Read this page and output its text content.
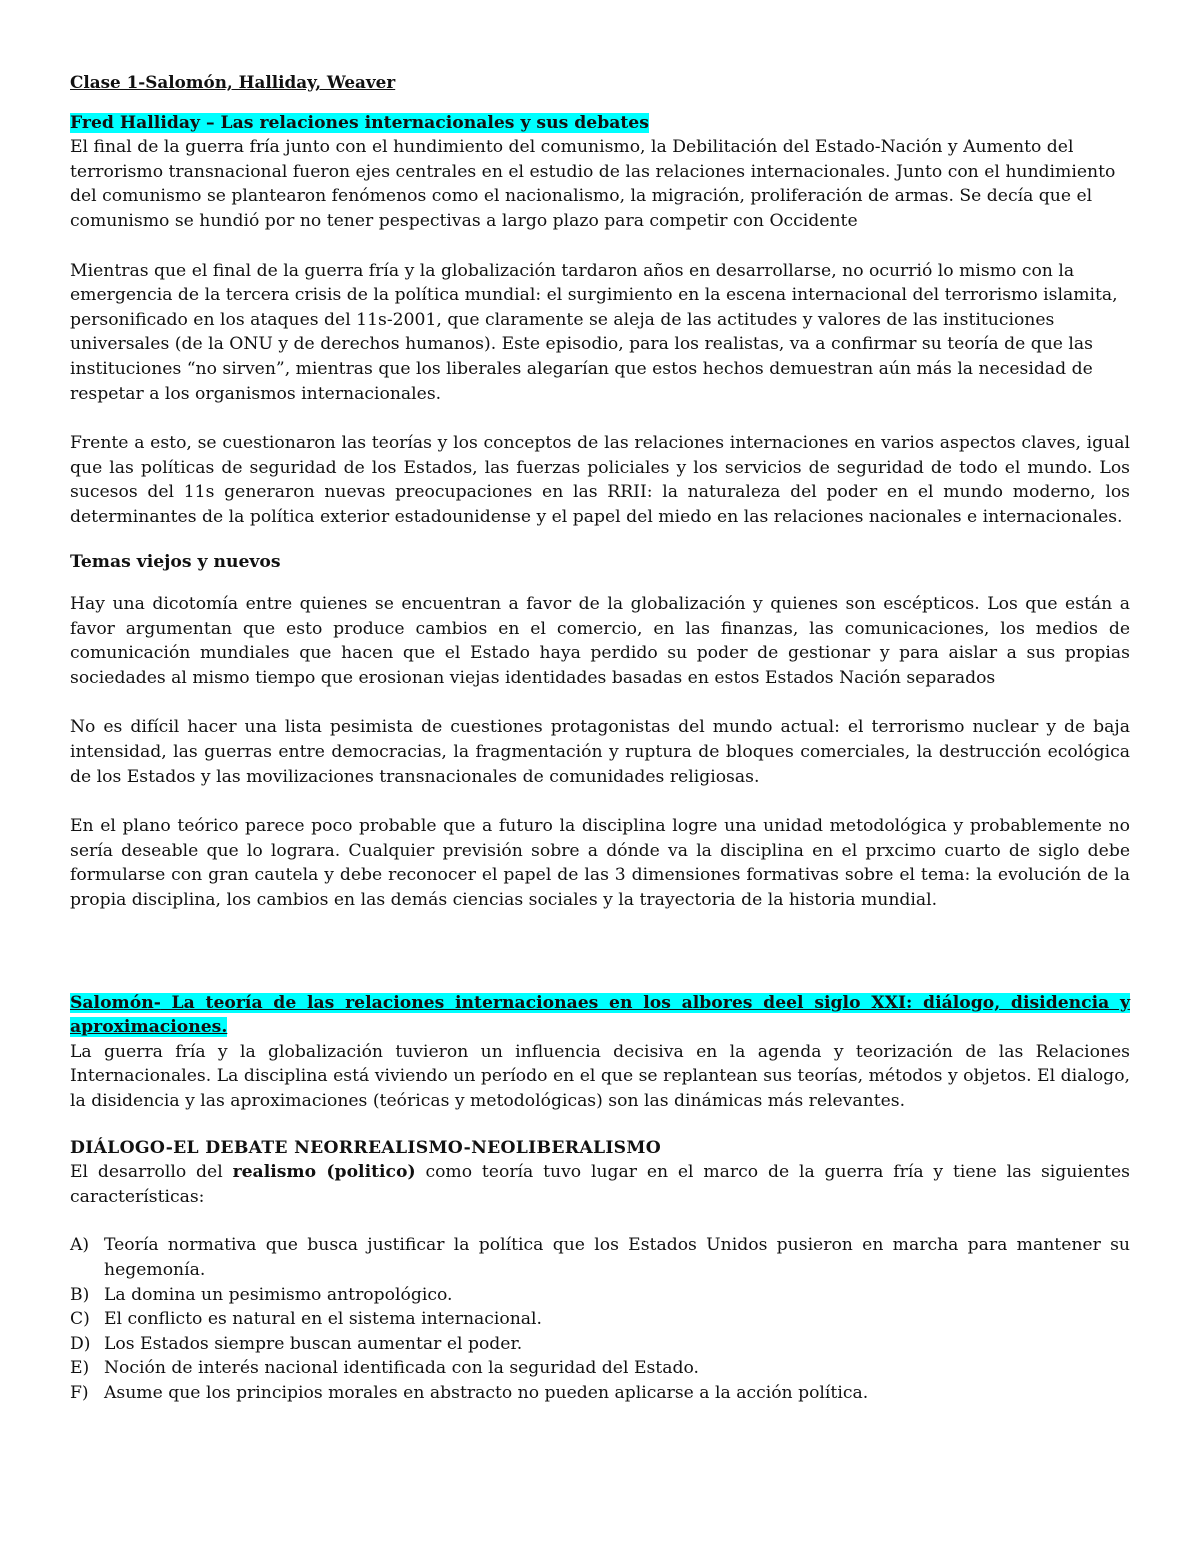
Clase 1-Salomón, Halliday, Weaver

Fred Halliday – Las relaciones internacionales y sus debates

El final de la guerra fría junto con el hundimiento del comunismo, la Debilitación del Estado-Nación y Aumento del terrorismo transnacional fueron ejes centrales en el estudio de las relaciones internacionales. Junto con el hundimiento del comunismo se plantearon fenómenos como el nacionalismo, la migración, proliferación de armas. Se decía que el comunismo se hundió por no tener pespectivas a largo plazo para competir con Occidente

Mientras que el final de la guerra fría y la globalización tardaron años en desarrollarse, no ocurrió lo mismo con la emergencia de la tercera crisis de la política mundial: el surgimiento en la escena internacional del terrorismo islamita, personificado en los ataques del 11s-2001, que claramente se aleja de las actitudes y valores de las instituciones universales (de la ONU y de derechos humanos). Este episodio, para los realistas, va a confirmar su teoría de que las instituciones “no sirven”, mientras que los liberales alegarían que estos hechos demuestran aún más la necesidad de respetar a los organismos internacionales.

Frente a esto, se cuestionaron las teorías y los conceptos de las relaciones internaciones en varios aspectos claves, igual que las políticas de seguridad de los Estados, las fuerzas policiales y los servicios de seguridad de todo el mundo. Los sucesos del 11s generaron nuevas preocupaciones en las RRII: la naturaleza del poder en el mundo moderno, los determinantes de la política exterior estadounidense y el papel del miedo en las relaciones nacionales e internacionales.

Temas viejos y nuevos

Hay una dicotomía entre quienes se encuentran a favor de la globalización y quienes son escépticos. Los que están a favor argumentan que esto produce cambios en el comercio, en las finanzas, las comunicaciones, los medios de comunicación mundiales que hacen que el Estado haya perdido su poder de gestionar y para aislar a sus propias sociedades al mismo tiempo que erosionan viejas identidades basadas en estos Estados Nación separados

No es difícil hacer una lista pesimista de cuestiones protagonistas del mundo actual: el terrorismo nuclear y de baja intensidad, las guerras entre democracias, la fragmentación y ruptura de bloques comerciales, la destrucción ecológica de los Estados y las movilizaciones transnacionales de comunidades religiosas.

En el plano teórico parece poco probable que a futuro la disciplina logre una unidad metodológica y probablemente no sería deseable que lo lograra. Cualquier previsión sobre a dónde va la disciplina en el prxcimo cuarto de siglo debe formularse con gran cautela y debe reconocer el papel de las 3 dimensiones formativas sobre el tema: la evolución de la propia disciplina, los cambios en las demás ciencias sociales y la trayectoria de la historia mundial.

Salomón- La teoría de las relaciones internacionaes en los albores deel siglo XXI: diálogo, disidencia y aproximaciones.

La guerra fría y la globalización tuvieron un influencia decisiva en la agenda y teorización de las Relaciones Internacionales. La disciplina está viviendo un período en el que se replantean sus teorías, métodos y objetos. El dialogo, la disidencia y las aproximaciones (teóricas y metodológicas) son las dinámicas más relevantes.

DIÁLOGO-EL DEBATE NEORREALISMO-NEOLIBERALISMO

El desarrollo del realismo (politico) como teoría tuvo lugar en el marco de la guerra fría y tiene las siguientes características:

A) Teoría normativa que busca justificar la política que los Estados Unidos pusieron en marcha para mantener su hegemonía.
B) La domina un pesimismo antropológico.
C) El conflicto es natural en el sistema internacional.
D) Los Estados siempre buscan aumentar el poder.
E) Noción de interés nacional identificada con la seguridad del Estado.
F) Asume que los principios morales en abstracto no pueden aplicarse a la acción política.
